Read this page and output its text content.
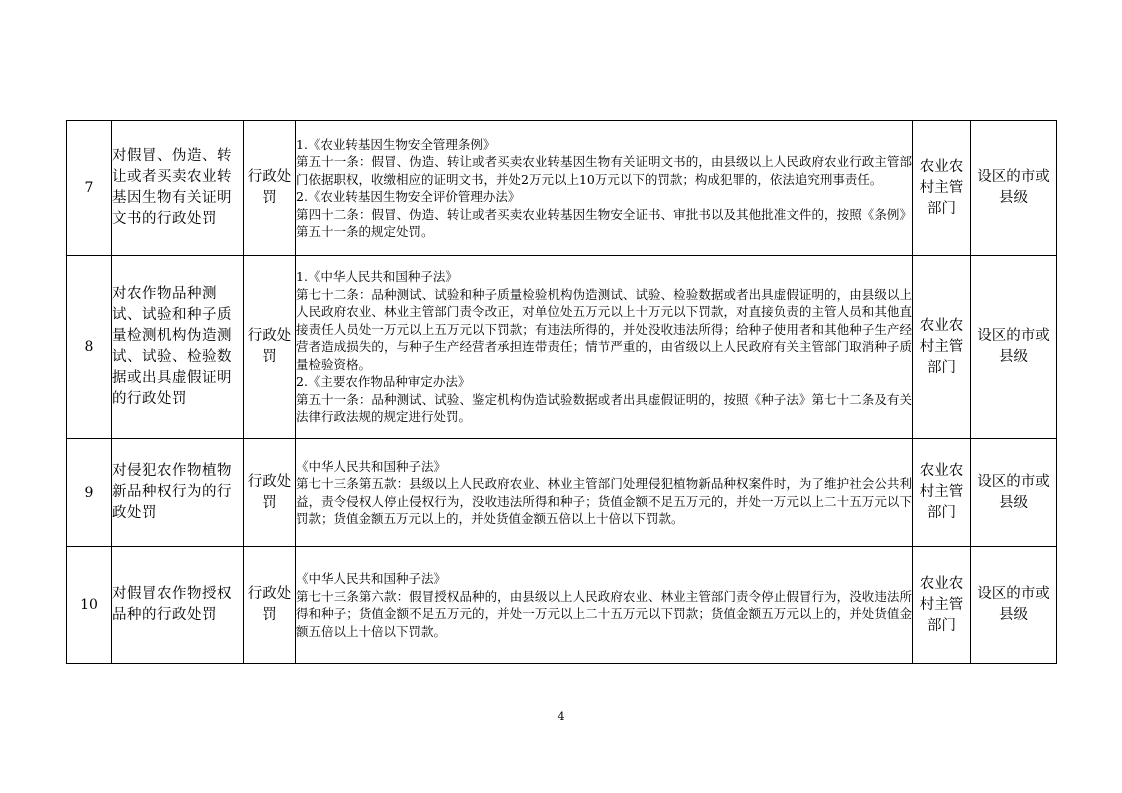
7	对假冒、伪造、转让或者买卖农业转基因生物有关证明文书的行政处罚	行政处罚	1.《农业转基因生物安全管理条例》
第五十一条：假冒、伪造、转让或者买卖农业转基因生物有关证明文书的，由县级以上人民政府农业行政主管部门依据职权，收缴相应的证明文书，并处2万元以上10万元以下的罚款；构成犯罪的，依法追究刑事责任。
2.《农业转基因生物安全评价管理办法》
第四十二条：假冒、伪造、转让或者买卖农业转基因生物安全证书、审批书以及其他批准文件的，按照《条例》第五十一条的规定处罚。	农业农村主管部门	设区的市或县级
8	对农作物品种测试、试验和种子质量检测机构伪造测试、试验、检验数据或出具虚假证明的行政处罚	行政处罚	1.《中华人民共和国种子法》
第七十二条：品种测试、试验和种子质量检验机构伪造测试、试验、检验数据或者出具虚假证明的，由县级以上人民政府农业、林业主管部门责令改正，对单位处五万元以上十万元以下罚款，对直接负责的主管人员和其他直接责任人员处一万元以上五万元以下罚款；有违法所得的，并处没收违法所得；给种子使用者和其他种子生产经营者造成损失的，与种子生产经营者承担连带责任；情节严重的，由省级以上人民政府有关主管部门取消种子质量检验资格。
2.《主要农作物品种审定办法》
第五十一条：品种测试、试验、鉴定机构伪造试验数据或者出具虚假证明的，按照《种子法》第七十二条及有关法律行政法规的规定进行处罚。	农业农村主管部门	设区的市或县级
9	对侵犯农作物植物新品种权行为的行政处罚	行政处罚	《中华人民共和国种子法》
第七十三条第五款：县级以上人民政府农业、林业主管部门处理侵犯植物新品种权案件时，为了维护社会公共利益，责令侵权人停止侵权行为，没收违法所得和种子；货值金额不足五万元的，并处一万元以上二十五万元以下罚款；货值金额五万元以上的，并处货值金额五倍以上十倍以下罚款。	农业农村主管部门	设区的市或县级
10	对假冒农作物授权品种的行政处罚	行政处罚	《中华人民共和国种子法》
第七十三条第六款：假冒授权品种的，由县级以上人民政府农业、林业主管部门责令停止假冒行为，没收违法所得和种子；货值金额不足五万元的，并处一万元以上二十五万元以下罚款；货值金额五万元以上的，并处货值金额五倍以上十倍以下罚款。	农业农村主管部门	设区的市或县级
4
